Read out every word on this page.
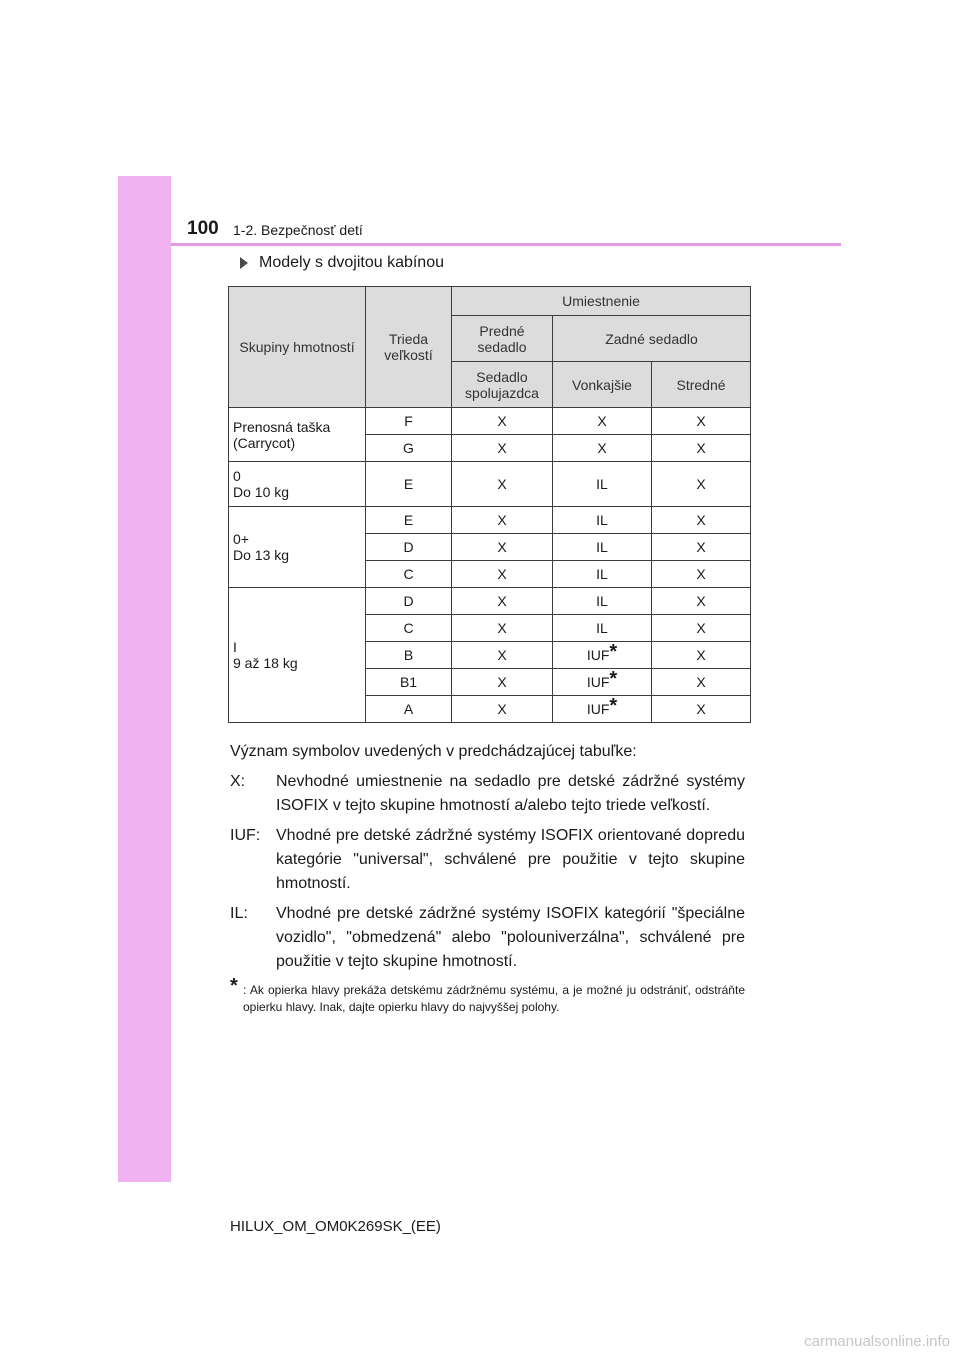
100 1-2. Bezpečnosť detí
Modely s dvojitou kabínou
Skupiny hmotností	Trieda veľkostí	Umiestnenie		
		Predné sedadlo	Zadné sedadlo	
		Sedadlo spolujazdca	Vonkajšie	Stredné

Prenosná taška
(Carrycot)	F	X	X	X
	G	X	X	X

0
Do 10 kg	E	X	IL	X

0+
Do 13 kg	E	X	IL	X
	D	X	IL	X
	C	X	IL	X

I
9 až 18 kg	D	X	IL	X
	C	X	IL	X
	B	X	IUF*	X
	B1	X	IUF*	X
	A	X	IUF*	X

Význam symbolov uvedených v predchádzajúcej tabuľke:

X:	Nevhodné umiestnenie na sedadlo pre detské zádržné systémy ISOFIX v tejto skupine hmotností a/alebo tejto triede veľkostí.
IUF: Vhodné pre detské zádržné systémy ISOFIX orientované dopredu kategórie "universal", schválené pre použitie v tejto skupine hmotností.
IL:	Vhodné pre detské zádržné systémy ISOFIX kategórií "špeciálne vozidlo", "obmedzená" alebo "polouniverzálna", schválené pre použitie v tejto skupine hmotností.
* : Ak opierka hlavy prekáža detskému zádržnému systému, a je možné ju odstrániť, odstráňte opierku hlavy. Inak, dajte opierku hlavy do najvyššej polohy.
HILUX_OM_OM0K269SK_(EE)
carmanualsonline.info
